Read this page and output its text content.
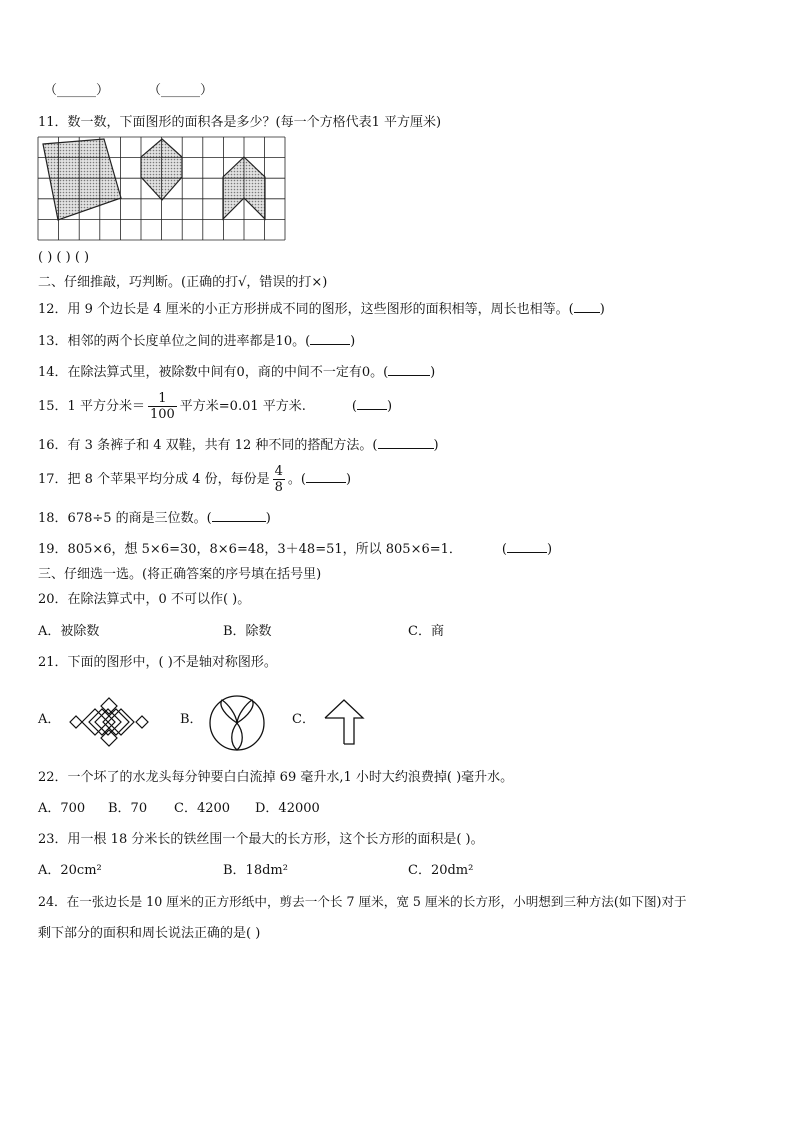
（______）	（______）
11．数一数，下面图形的面积各是多少？(每一个方格代表1 平方厘米)
( ) ( ) ( )
二、仔细推敲，巧判断。(正确的打√，错误的打×)
12．用 9 个边长是 4 厘米的小正方形拼成不同的图形，这些图形的面积相等，周长也相等。( )
13．相邻的两个长度单位之间的进率都是10。(	)
14．在除法算式里，被除数中间有0，商的中间不一定有0。(	)
15．1 平方分米＝ $\frac{1}{100}$ 平方米=0.01 平方米.	( )
16．有 3 条裤子和 4 双鞋，共有 12 种不同的搭配方法。(	)
17．把 8 个苹果平均分成 4 份，每份是 $\frac{4}{8}$ 。(	)
18．678÷5 的商是三位数。(	)
19．805×6，想 5×6=30，8×6=48，3＋48=51，所以 805×6=1．	(	)
三、仔细选一选。(将正确答案的序号填在括号里)
20．在除法算式中，0 不可以作( )。
A．被除数	B．除数	C．商
21．下面的图形中，( )不是轴对称图形。
A．	B．	C．
22．一个坏了的水龙头每分钟要白白流掉 69 毫升水,1 小时大约浪费掉( )毫升水。
A．700 B．70 C．4200 D．42000
23．用一根 18 分米长的铁丝围一个最大的长方形，这个长方形的面积是( )。
A．20cm²	B．18dm²	C．20dm²
24．在一张边长是 10 厘米的正方形纸中，剪去一个长 7 厘米，宽 5 厘米的长方形，小明想到三种方法(如下图)对于
剩下部分的面积和周长说法正确的是( )
